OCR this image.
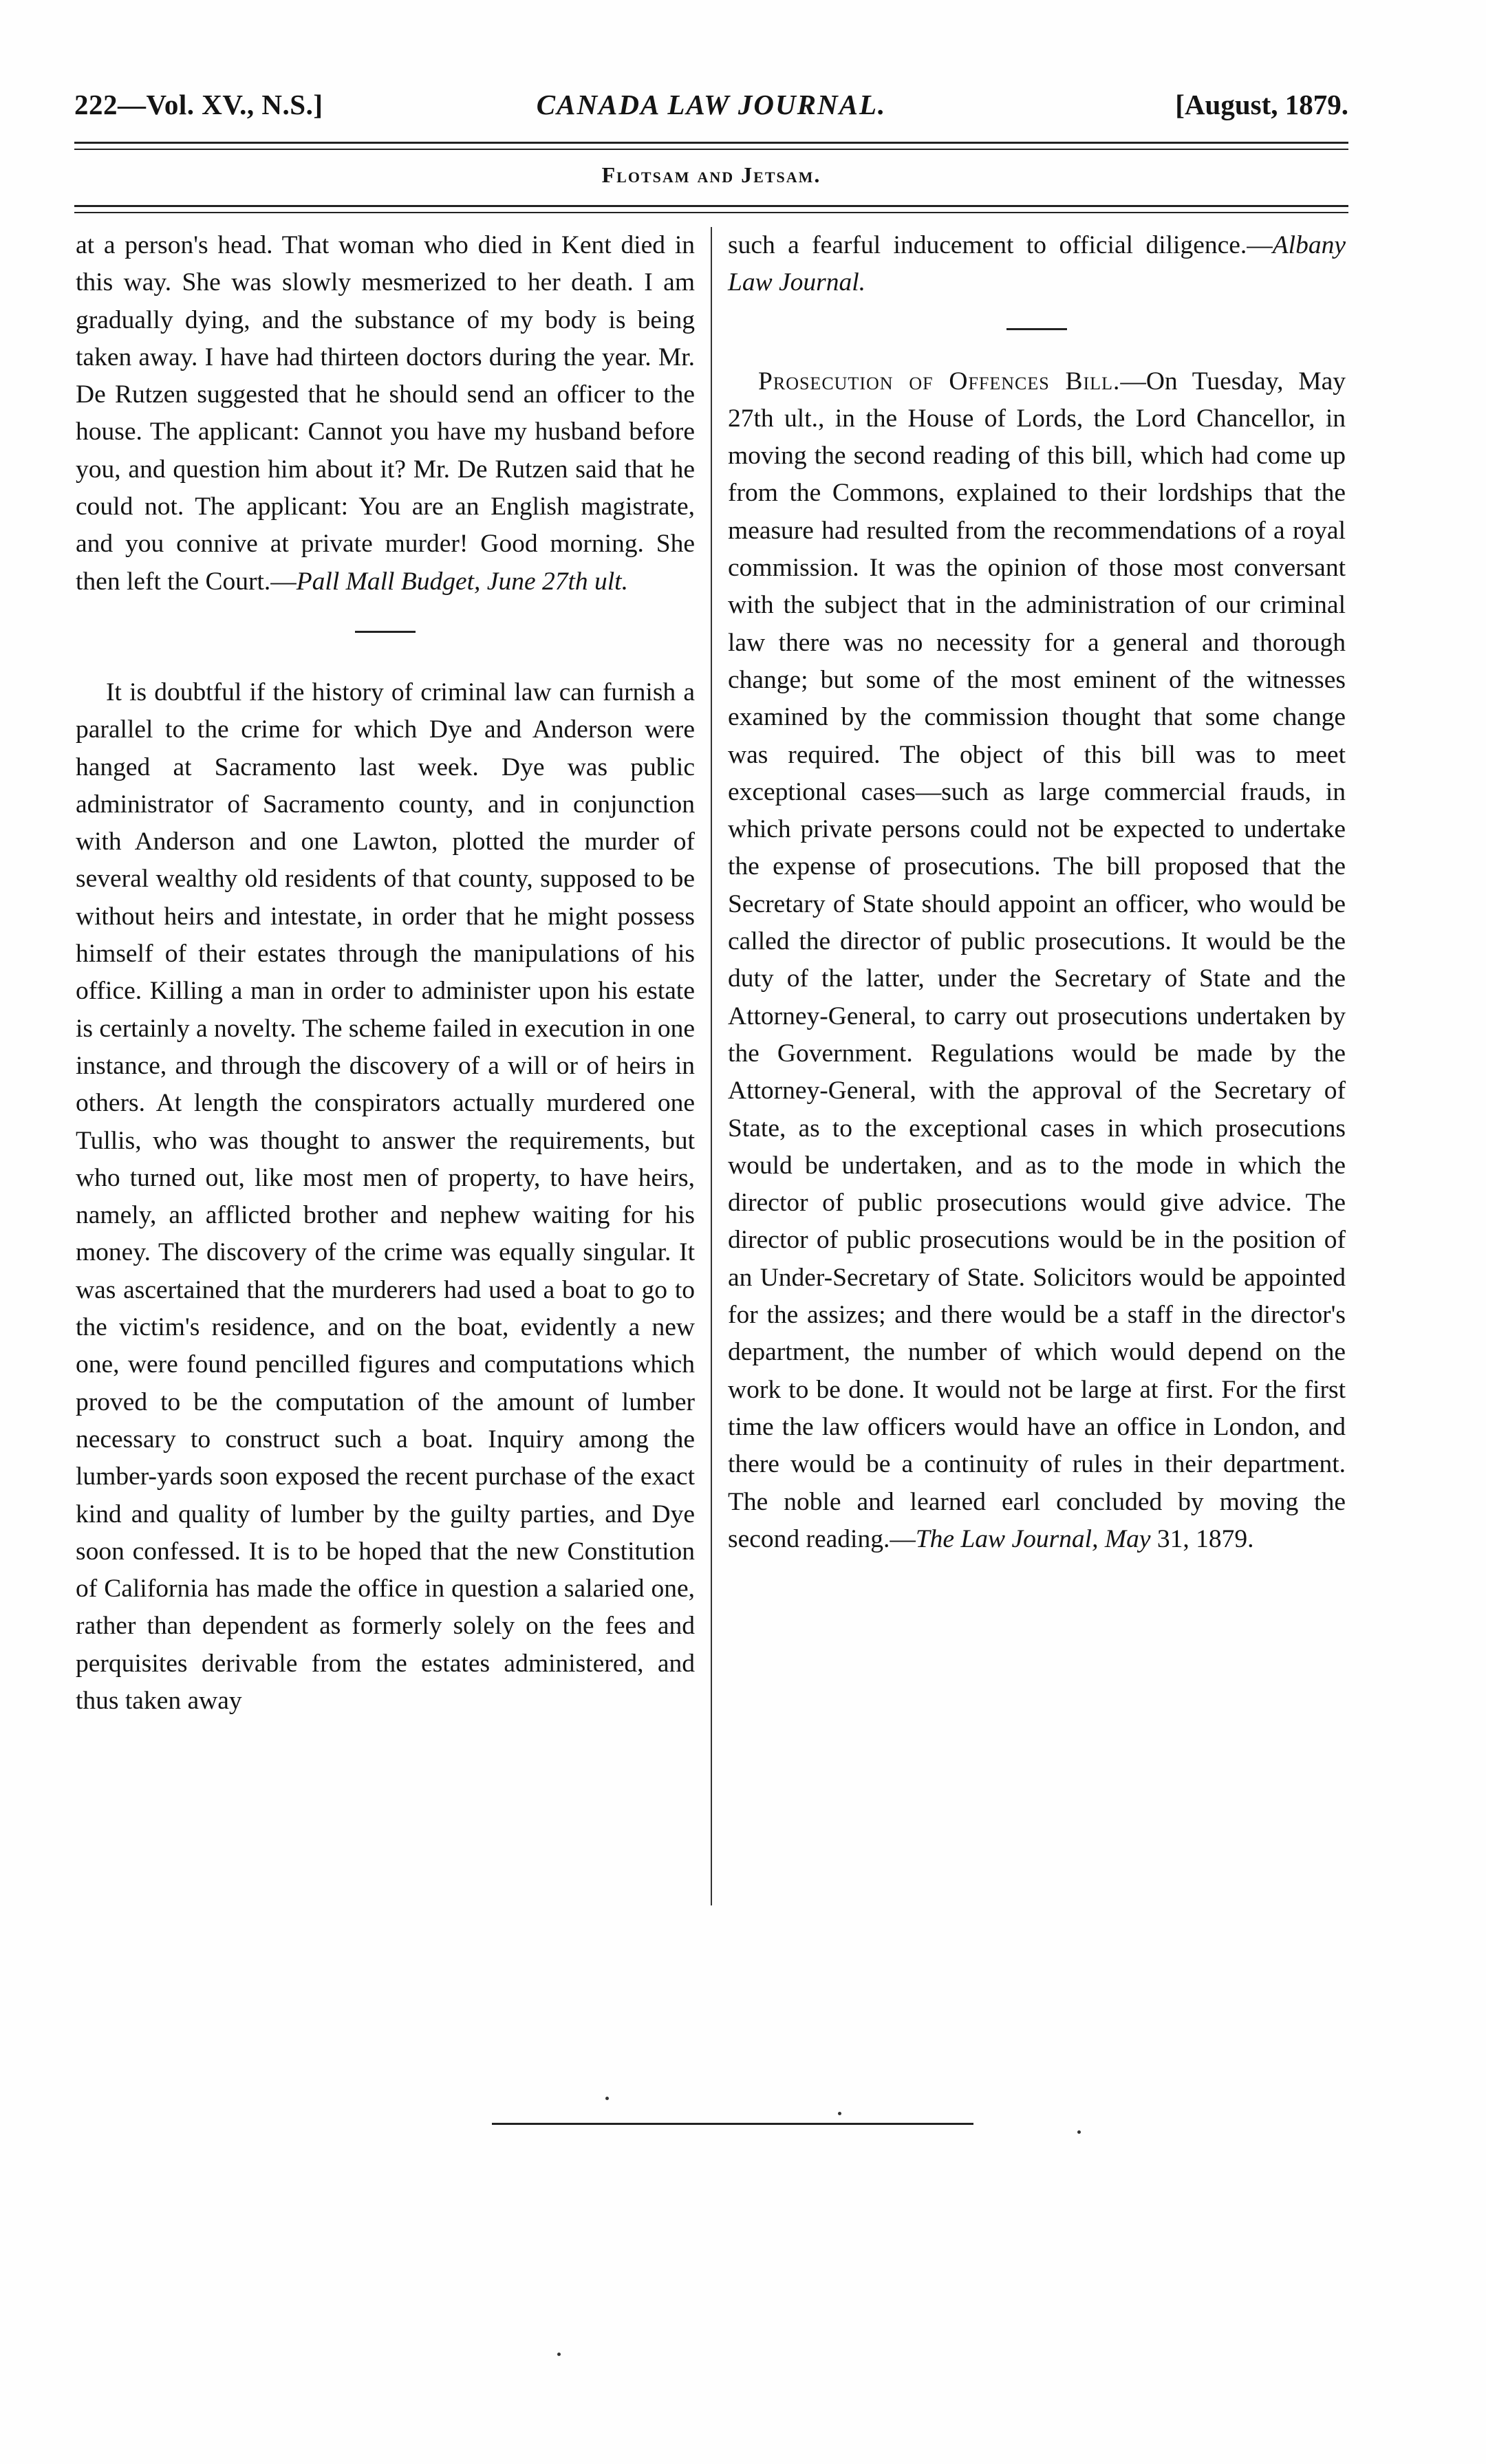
222—Vol. XV., N.S.]	CANADA LAW JOURNAL.	[August, 1879.
Flotsam and Jetsam.

at a person's head. That woman who died in Kent died in this way. She was slowly mesmerized to her death. I am gradually dying, and the substance of my body is being taken away. I have had thirteen doctors during the year. Mr. De Rutzen suggested that he should send an officer to the house. The applicant: Cannot you have my husband before you, and question him about it? Mr. De Rutzen said that he could not. The applicant: You are an English magistrate, and you connive at private murder! Good morning. She then left the Court.—Pall Mall Budget, June 27th ult.

It is doubtful if the history of criminal law can furnish a parallel to the crime for which Dye and Anderson were hanged at Sacramento last week. Dye was public administrator of Sacramento county, and in conjunction with Anderson and one Lawton, plotted the murder of several wealthy old residents of that county, supposed to be without heirs and intestate, in order that he might possess himself of their estates through the manipulations of his office. Killing a man in order to administer upon his estate is certainly a novelty. The scheme failed in execution in one instance, and through the discovery of a will or of heirs in others. At length the conspirators actually murdered one Tullis, who was thought to answer the requirements, but who turned out, like most men of property, to have heirs, namely, an afflicted brother and nephew waiting for his money. The discovery of the crime was equally singular. It was ascertained that the murderers had used a boat to go to the victim's residence, and on the boat, evidently a new one, were found pencilled figures and computations which proved to be the computation of the amount of lumber necessary to construct such a boat. Inquiry among the lumber-yards soon exposed the recent purchase of the exact kind and quality of lumber by the guilty parties, and Dye soon confessed. It is to be hoped that the new Constitution of California has made the office in question a salaried one, rather than dependent as formerly solely on the fees and perquisites derivable from the estates administered, and thus taken away

such a fearful inducement to official diligence.—Albany Law Journal.

Prosecution of Offences Bill.—On Tuesday, May 27th ult., in the House of Lords, the Lord Chancellor, in moving the second reading of this bill, which had come up from the Commons, explained to their lordships that the measure had resulted from the recommendations of a royal commission. It was the opinion of those most conversant with the subject that in the administration of our criminal law there was no necessity for a general and thorough change; but some of the most eminent of the witnesses examined by the commission thought that some change was required. The object of this bill was to meet exceptional cases—such as large commercial frauds, in which private persons could not be expected to undertake the expense of prosecutions. The bill proposed that the Secretary of State should appoint an officer, who would be called the director of public prosecutions. It would be the duty of the latter, under the Secretary of State and the Attorney-General, to carry out prosecutions undertaken by the Government. Regulations would be made by the Attorney-General, with the approval of the Secretary of State, as to the exceptional cases in which prosecutions would be undertaken, and as to the mode in which the director of public prosecutions would give advice. The director of public prosecutions would be in the position of an Under-Secretary of State. Solicitors would be appointed for the assizes; and there would be a staff in the director's department, the number of which would depend on the work to be done. It would not be large at first. For the first time the law officers would have an office in London, and there would be a continuity of rules in their department. The noble and learned earl concluded by moving the second reading.—The Law Journal, May 31, 1879.
